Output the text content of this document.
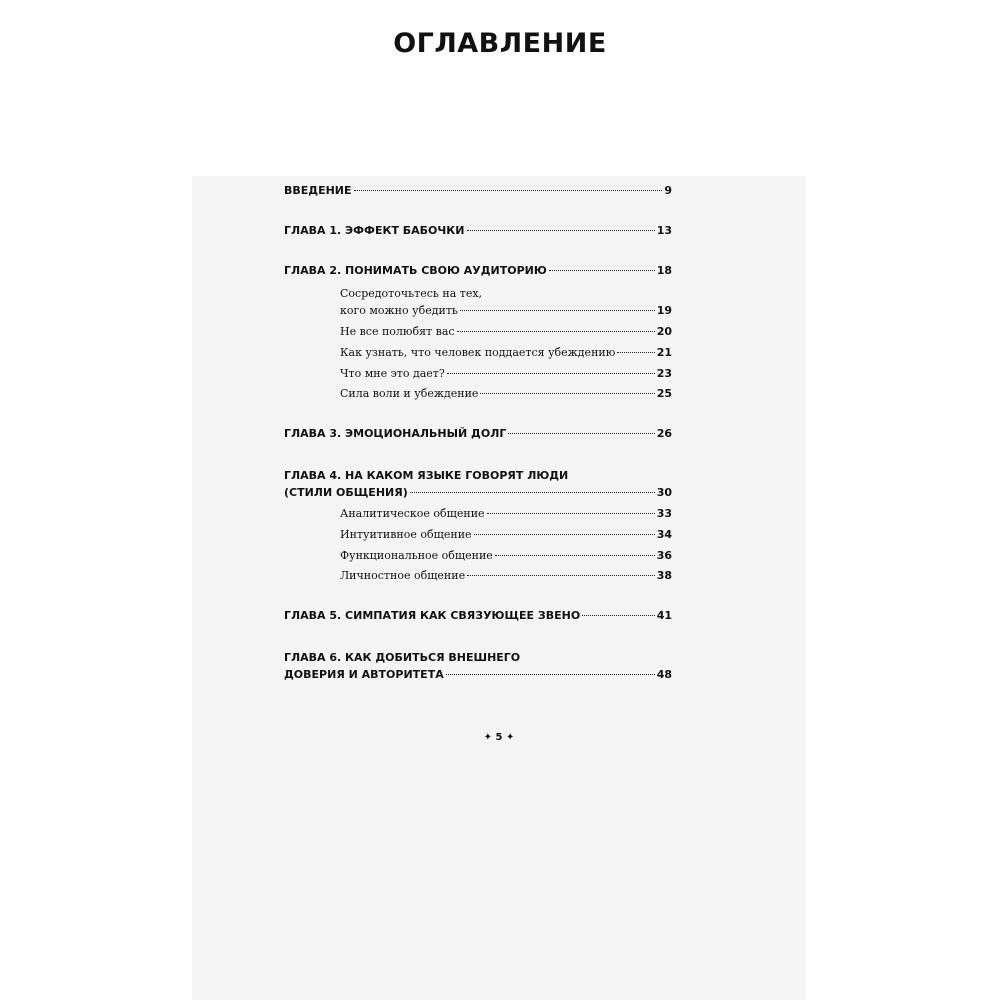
ОГЛАВЛЕНИЕ
ВВЕДЕНИЕ	9
ГЛАВА 1. ЭФФЕКТ БАБОЧКИ	13
ГЛАВА 2. ПОНИМАТЬ СВОЮ АУДИТОРИЮ	18
Сосредоточьтесь на тех,
кого можно убедить	19
Не все полюбят вас	20
Как узнать, что человек поддается убеждению	21
Что мне это дает?	23
Сила воли и убеждение	25
ГЛАВА 3. ЭМОЦИОНАЛЬНЫЙ ДОЛГ	26
ГЛАВА 4. НА КАКОМ ЯЗЫКЕ ГОВОРЯТ ЛЮДИ
(СТИЛИ ОБЩЕНИЯ)	30
Аналитическое общение	33
Интуитивное общение	34
Функциональное общение	36
Личностное общение	38
ГЛАВА 5. СИМПАТИЯ КАК СВЯЗУЮЩЕЕ ЗВЕНО	41
ГЛАВА 6. КАК ДОБИТЬСЯ ВНЕШНЕГО
ДОВЕРИЯ И АВТОРИТЕТА	48
✦ 5 ✦
